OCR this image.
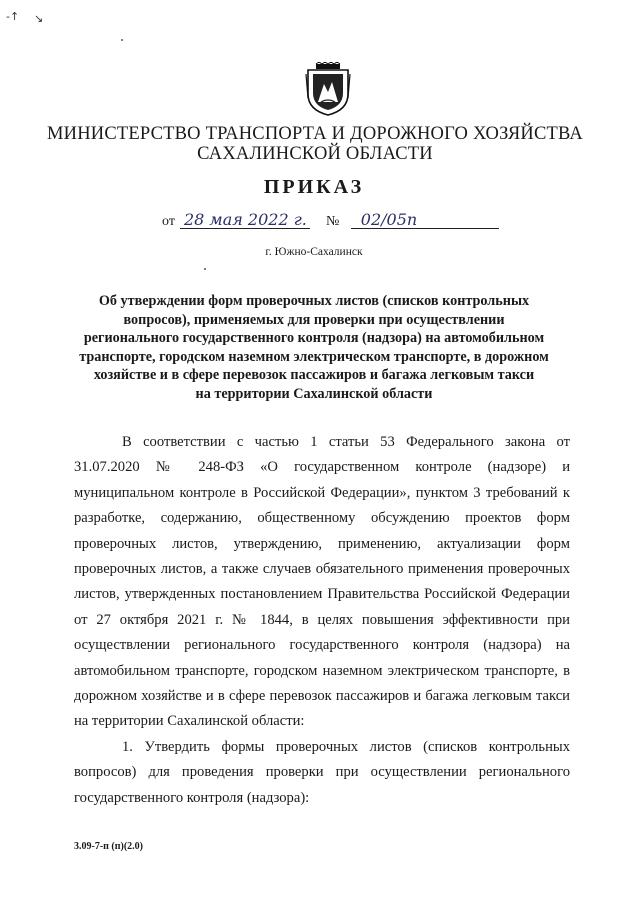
-↑ ↘
МИНИСТЕРСТВО ТРАНСПОРТА И ДОРОЖНОГО ХОЗЯЙСТВА
САХАЛИНСКОЙ ОБЛАСТИ
ПРИКАЗ
от 28 мая 2022 г. № 02/05п
г. Южно-Сахалинск
Об утверждении форм проверочных листов (списков контрольных
вопросов), применяемых для проверки при осуществлении
регионального государственного контроля (надзора) на автомобильном
транспорте, городском наземном электрическом транспорте, в дорожном
хозяйстве и в сфере перевозок пассажиров и багажа легковым такси
на территории Сахалинской области

В соответствии с частью 1 статьи 53 Федерального закона от 31.07.2020 № 248-ФЗ «О государственном контроле (надзоре) и муниципальном контроле в Российской Федерации», пунктом 3 требований к разработке, содержанию, общественному обсуждению проектов форм проверочных листов, утверждению, применению, актуализации форм проверочных листов, а также случаев обязательного применения проверочных листов, утвержденных постановлением Правительства Российской Федерации от 27 октября 2021 г. № 1844, в целях повышения эффективности при осуществлении регионального государственного контроля (надзора) на автомобильном транспорте, городском наземном электрическом транспорте, в дорожном хозяйстве и в сфере перевозок пассажиров и багажа легковым такси на территории Сахалинской области:

1. Утвердить формы проверочных листов (списков контрольных вопросов) для проведения проверки при осуществлении регионального государственного контроля (надзора):

3.09-7-п (п)(2.0)
